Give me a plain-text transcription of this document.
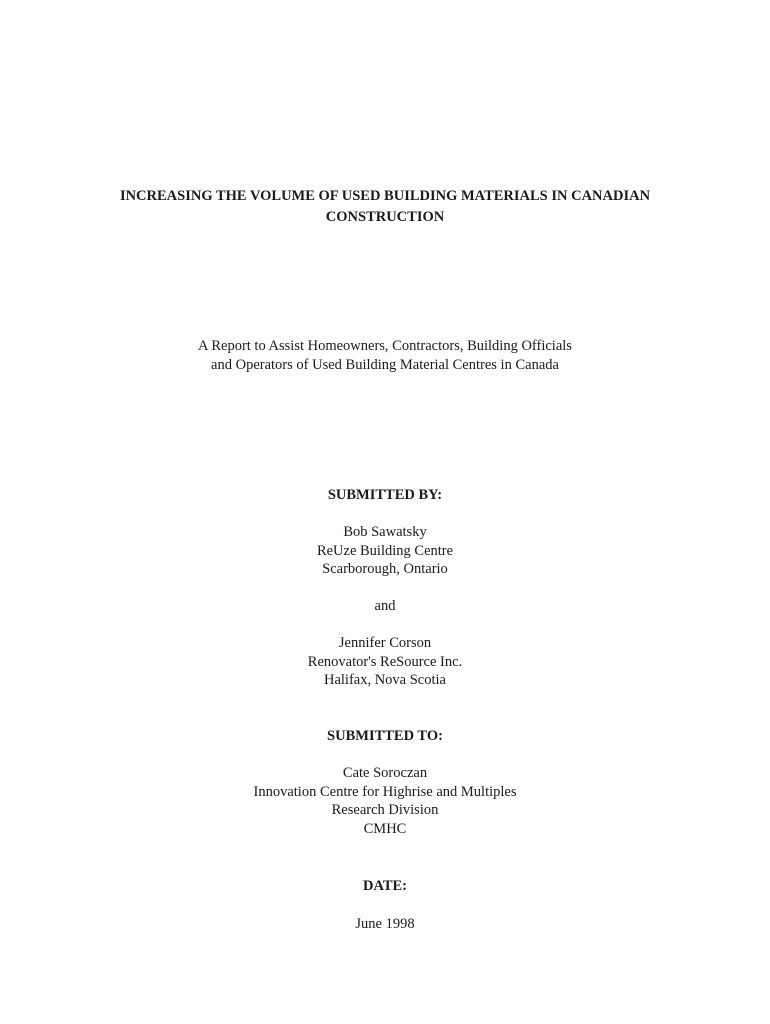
INCREASING THE VOLUME OF USED BUILDING MATERIALS IN CANADIAN
CONSTRUCTION
A Report to Assist Homeowners, Contractors, Building Officials
and Operators of Used Building Material Centres in Canada
SUBMITTED BY:
Bob Sawatsky
ReUze Building Centre
Scarborough, Ontario
and
Jennifer Corson
Renovator's ReSource Inc.
Halifax, Nova Scotia
SUBMITTED TO:
Cate Soroczan
Innovation Centre for Highrise and Multiples
Research Division
CMHC
DATE:
June 1998
